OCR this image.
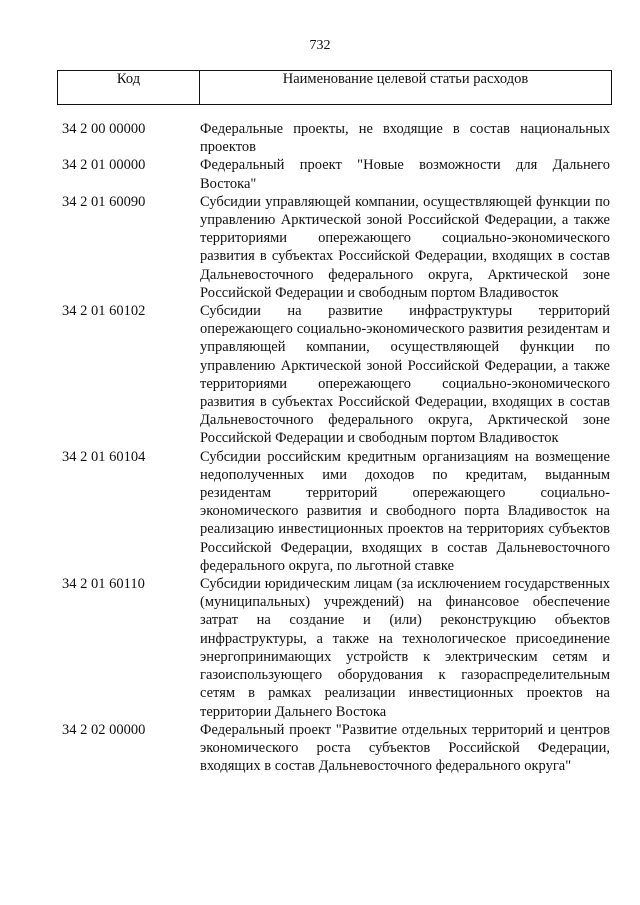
732
Код	Наименование целевой статьи расходов
34 2 00 00000	Федеральные проекты, не входящие в состав национальных проектов
34 2 01 00000	Федеральный проект "Новые возможности для Дальнего Востока"
34 2 01 60090	Субсидии управляющей компании, осуществляющей функции по управлению Арктической зоной Российской Федерации, а также территориями опережающего социально-экономического развития в субъектах Российской Федерации, входящих в состав Дальневосточного федерального округа, Арктической зоне Российской Федерации и свободным портом Владивосток
34 2 01 60102	Субсидии на развитие инфраструктуры территорий опережающего социально-экономического развития резидентам и управляющей компании, осуществляющей функции по управлению Арктической зоной Российской Федерации, а также территориями опережающего социально-экономического развития в субъектах Российской Федерации, входящих в состав Дальневосточного федерального округа, Арктической зоне Российской Федерации и свободным портом Владивосток
34 2 01 60104	Субсидии российским кредитным организациям на возмещение недополученных ими доходов по кредитам, выданным резидентам территорий опережающего социально-экономического развития и свободного порта Владивосток на реализацию инвестиционных проектов на территориях субъектов Российской Федерации, входящих в состав Дальневосточного федерального округа, по льготной ставке
34 2 01 60110	Субсидии юридическим лицам (за исключением государственных (муниципальных) учреждений) на финансовое обеспечение затрат на создание и (или) реконструкцию объектов инфраструктуры, а также на технологическое присоединение энергопринимающих устройств к электрическим сетям и газоиспользующего оборудования к газораспределительным сетям в рамках реализации инвестиционных проектов на территории Дальнего Востока
34 2 02 00000	Федеральный проект "Развитие отдельных территорий и центров экономического роста субъектов Российской Федерации, входящих в состав Дальневосточного федерального округа"
